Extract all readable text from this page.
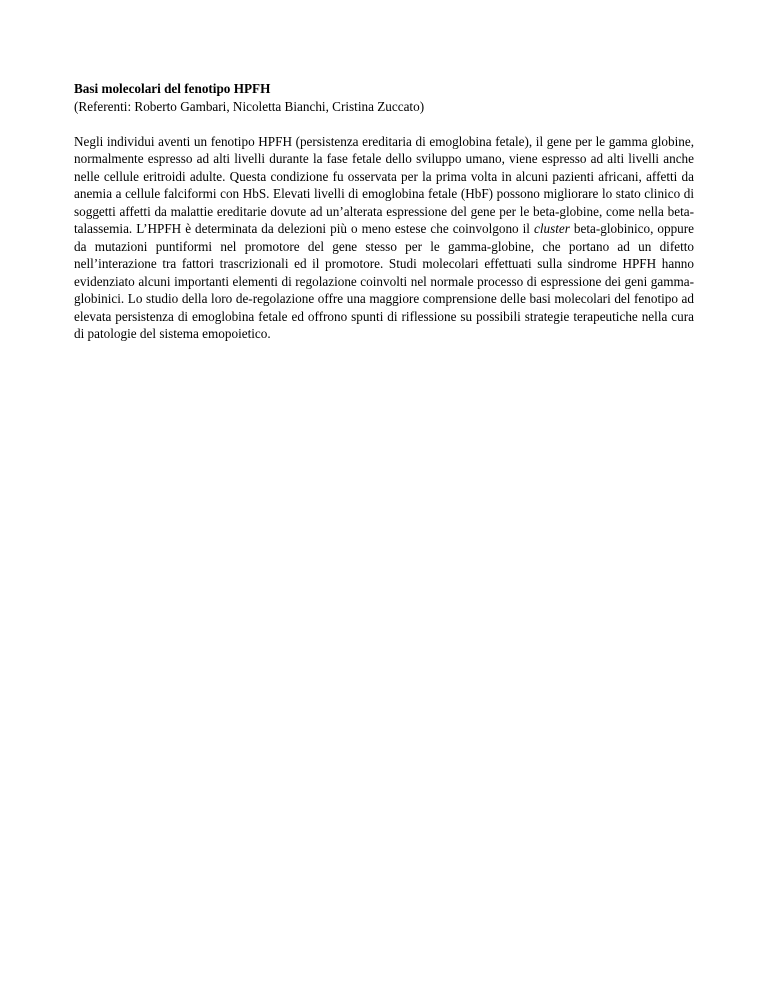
Basi molecolari del fenotipo HPFH

(Referenti: Roberto Gambari, Nicoletta Bianchi, Cristina Zuccato)

Negli individui aventi un fenotipo HPFH (persistenza ereditaria di emoglobina fetale), il gene per le gamma globine, normalmente espresso ad alti livelli durante la fase fetale dello sviluppo umano, viene espresso ad alti livelli anche nelle cellule eritroidi adulte. Questa condizione fu osservata per la prima volta in alcuni pazienti africani, affetti da anemia a cellule falciformi con HbS. Elevati livelli di emoglobina fetale (HbF) possono migliorare lo stato clinico di soggetti affetti da malattie ereditarie dovute ad un’alterata espressione del gene per le beta-globine, come nella beta-talassemia. L’HPFH è determinata da delezioni più o meno estese che coinvolgono il cluster beta-globinico, oppure da mutazioni puntiformi nel promotore del gene stesso per le gamma-globine, che portano ad un difetto nell’interazione tra fattori trascrizionali ed il promotore. Studi molecolari effettuati sulla sindrome HPFH hanno evidenziato alcuni importanti elementi di regolazione coinvolti nel normale processo di espressione dei geni gamma-globinici. Lo studio della loro de-regolazione offre una maggiore comprensione delle basi molecolari del fenotipo ad elevata persistenza di emoglobina fetale ed offrono spunti di riflessione su possibili strategie terapeutiche nella cura di patologie del sistema emopoietico.
